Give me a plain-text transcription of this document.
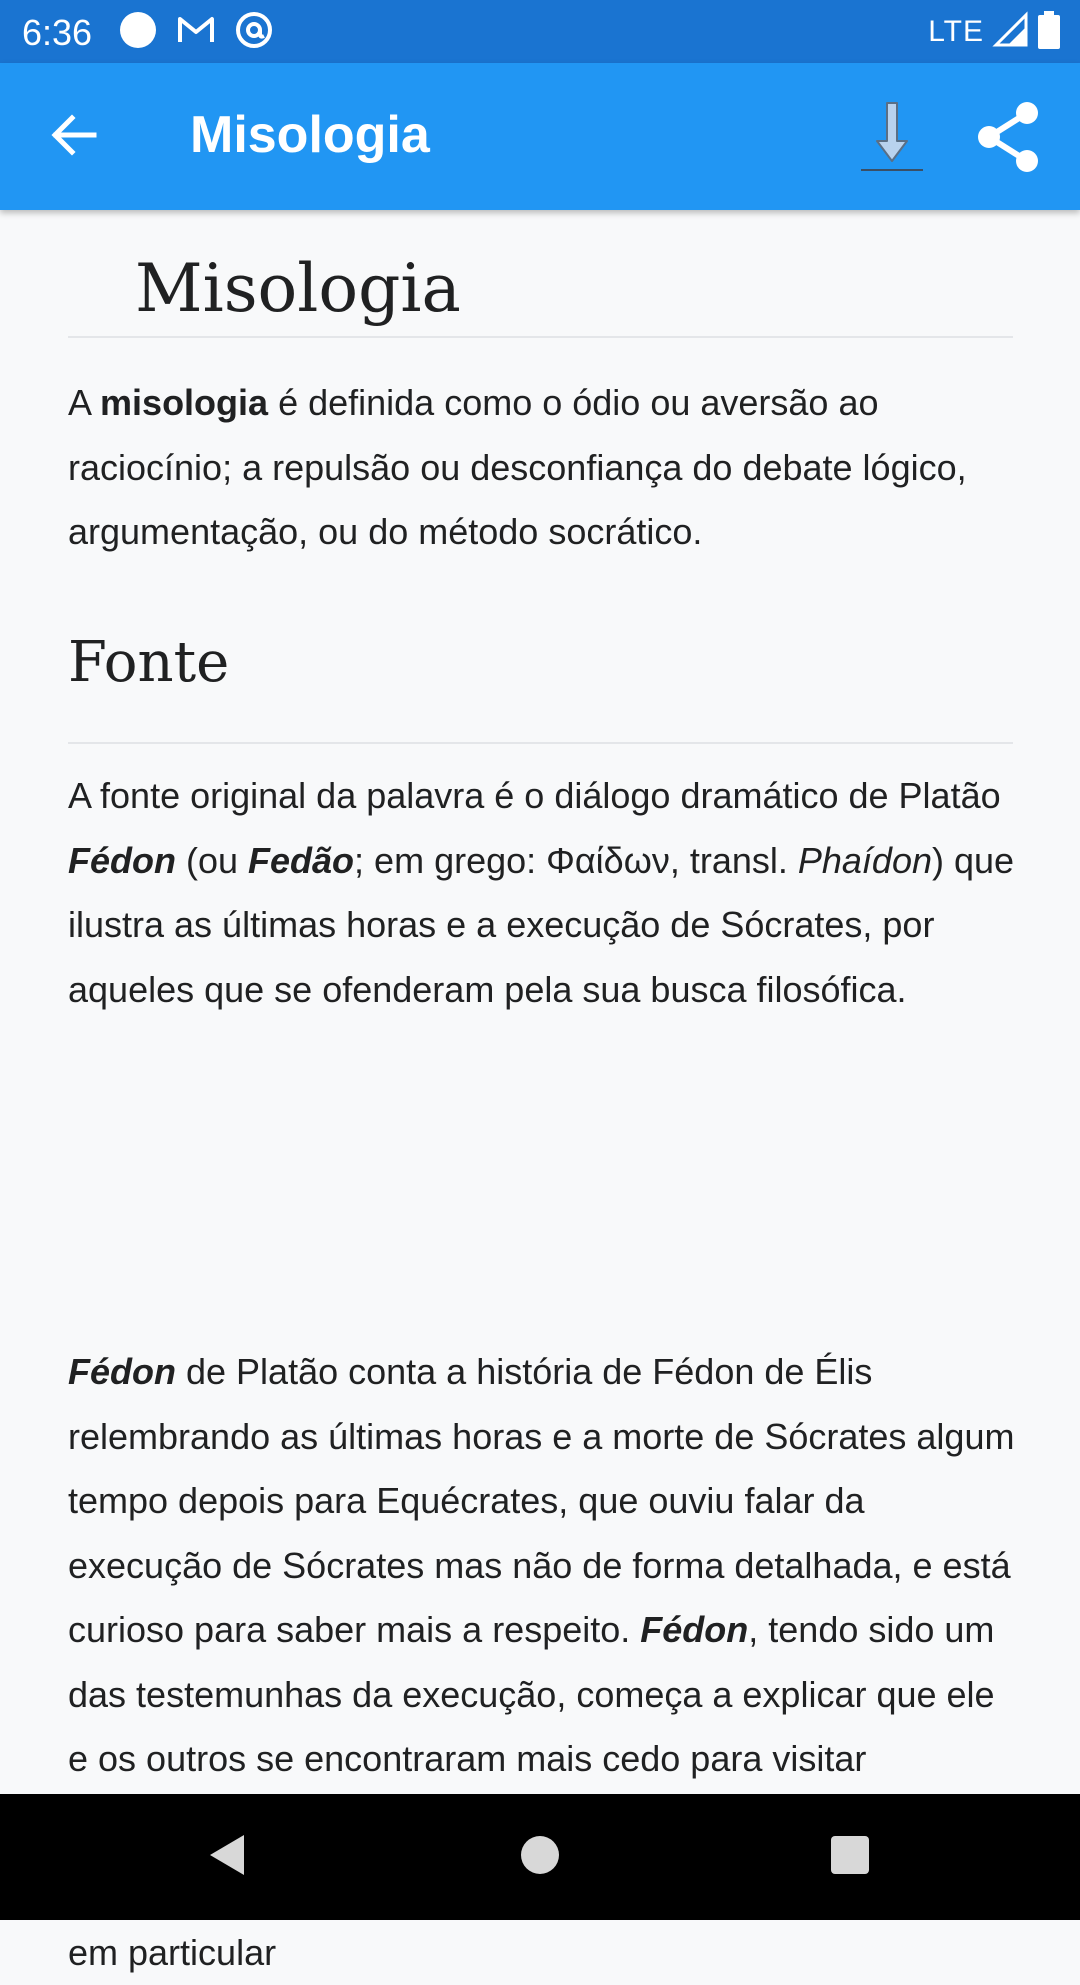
6:36	LTE
Misologia
Misologia

A misologia é definida como o ódio ou aversão ao raciocínio; a repulsão ou desconfiança do debate lógico, argumentação, ou do método socrático.

Fonte

A fonte original da palavra é o diálogo dramático de Platão Fédon (ou Fedão; em grego: Φαίδων, transl. Phaídon) que ilustra as últimas horas e a execução de Sócrates, por aqueles que se ofenderam pela sua busca filosófica.

Fédon de Platão conta a história de Fédon de Élis relembrando as últimas horas e a morte de Sócrates algum tempo depois para Equécrates, que ouviu falar da execução de Sócrates mas não de forma detalhada, e está curioso para saber mais a respeito. Fédon, tendo sido um das testemunhas da execução, começa a explicar que ele e os outros se encontraram mais cedo para visitar em particular
